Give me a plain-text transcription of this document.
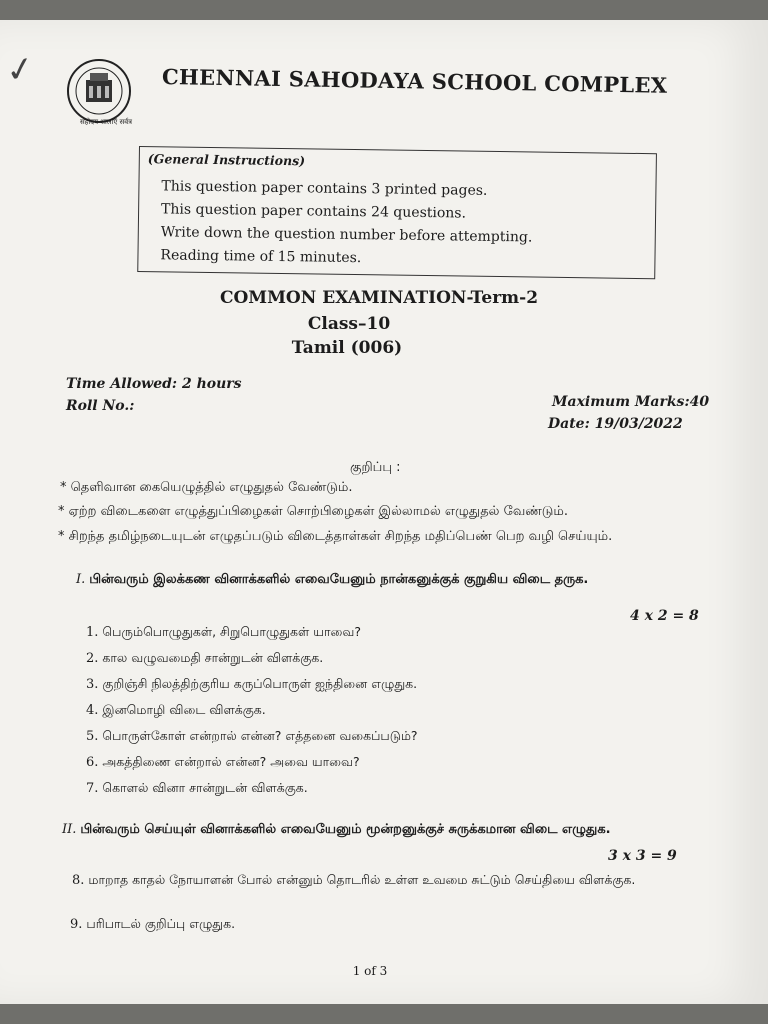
✓
सहोदय शालाएँ सर्वत्र
CHENNAI SAHODAYA SCHOOL COMPLEX
(General Instructions)
This question paper contains 3 printed pages.
This question paper contains 24 questions.
Write down the question number before attempting.
Reading time of 15 minutes.
COMMON EXAMINATION-Term-2
Class–10
Tamil (006)
Time Allowed: 2 hours
Roll No.:	Maximum Marks:40
Date: 19/03/2022
குறிப்பு :
* தெளிவான கையெழுத்தில் எழுதுதல் வேண்டும்.
* ஏற்ற விடைகளை எழுத்துப்பிழைகள் சொற்பிழைகள் இல்லாமல் எழுதுதல் வேண்டும்.
* சிறந்த தமிழ்நடையுடன் எழுதப்படும் விடைத்தாள்கள் சிறந்த மதிப்பெண் பெற வழி செய்யும்.
I. பின்வரும் இலக்கண வினாக்களில் எவையேனும் நான்கனுக்குக் குறுகிய விடை தருக.
4 x 2 = 8
1. பெரும்பொழுதுகள், சிறுபொழுதுகள் யாவை?
2. கால வழுவமைதி சான்றுடன் விளக்குக.
3. குறிஞ்சி நிலத்திற்குரிய கருப்பொருள் ஐந்தினை எழுதுக.
4. இனமொழி விடை விளக்குக.
5. பொருள்கோள் என்றால் என்ன? எத்தனை வகைப்படும்?
6. அகத்திணை என்றால் என்ன? அவை யாவை?
7. கொளல் வினா சான்றுடன் விளக்குக.
II. பின்வரும் செய்யுள் வினாக்களில் எவையேனும் மூன்றனுக்குச் சுருக்கமான விடை எழுதுக.
3 x 3 = 9
8. மாறாத காதல் நோயாளன் போல் என்னும் தொடரில் உள்ள உவமை சுட்டும் செய்தியை விளக்குக.
9. பரிபாடல் குறிப்பு எழுதுக.
1 of 3
